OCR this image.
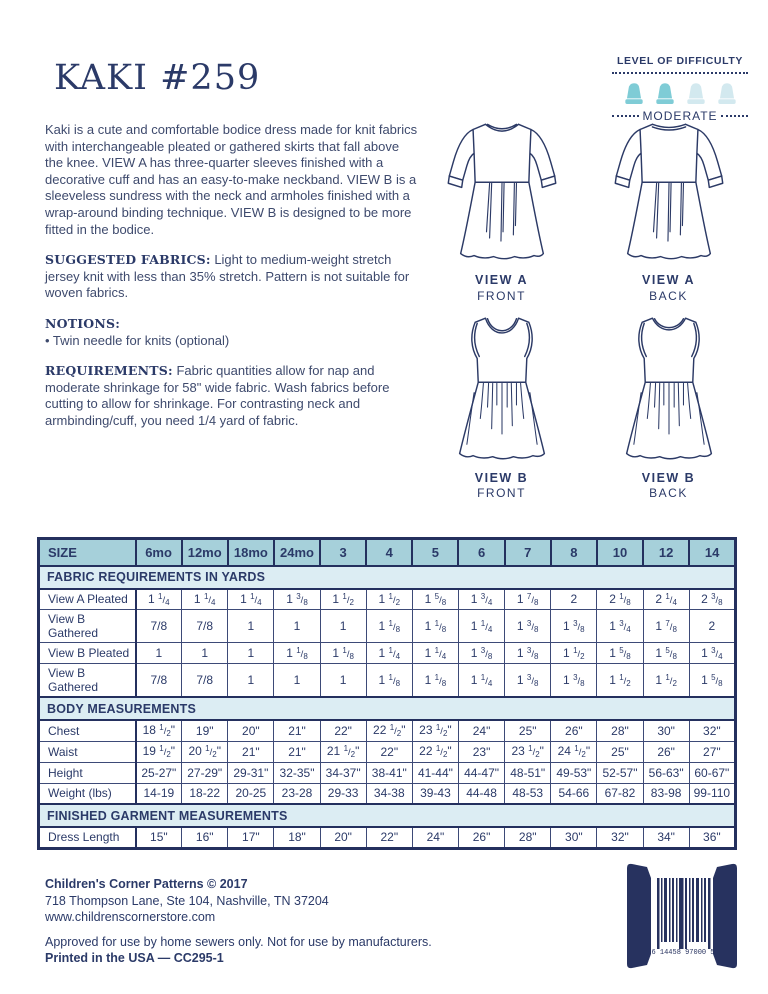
KAKI #259	LEVEL OF DIFFICULTY
MODERATE

Kaki is a cute and comfortable bodice dress made for knit fabrics with interchangeable pleated or gathered skirts that fall above the knee. VIEW A has three-quarter sleeves finished with a decorative cuff and has an easy-to-make neckband. VIEW B is a sleeveless sundress with the neck and armholes finished with a wrap-around binding technique. VIEW B is designed to be more fitted in the bodice.

SUGGESTED FABRICS: Light to medium-weight stretch jersey knit with less than 35% stretch. Pattern is not suitable for woven fabrics.

NOTIONS:
• Twin needle for knits (optional)

REQUIREMENTS: Fabric quantities allow for nap and moderate shrinkage for 58" wide fabric. Wash fabrics before cutting to allow for shrinkage. For contrasting neck and armbinding/cuff, you need 1/4 yard of fabric.

VIEW A
FRONT
VIEW A
BACK
VIEW B
FRONT
VIEW B
BACK
SIZE	6mo	12mo	18mo	24mo	3	4	5	6	7	8	10	12	14
FABRIC REQUIREMENTS IN YARDS													
View A Pleated	1 $^1/_4$	1 $^1/_4$	1 $^1/_4$	1 $^3/_8$	1 $^1/_2$	1 $^1/_2$	1 $^5/_8$	1 $^3/_4$	1 $^7/_8$	2	2 $^1/_8$	2 $^1/_4$	2 $^3/_8$
View B Gathered	7/8	7/8	1	1	1	1 $^1/_8$	1 $^1/_8$	1 $^1/_4$	1 $^3/_8$	1 $^3/_8$	1 $^3/_4$	1 $^7/_8$	2
View B Pleated	1	1	1	1 $^1/_8$	1 $^1/_8$	1 $^1/_4$	1 $^1/_4$	1 $^3/_8$	1 $^3/_8$	1 $^1/_2$	1 $^5/_8$	1 $^5/_8$	1 $^3/_4$
View B Gathered	7/8	7/8	1	1	1	1 $^1/_8$	1 $^1/_8$	1 $^1/_4$	1 $^3/_8$	1 $^3/_8$	1 $^1/_2$	1 $^1/_2$	1 $^5/_8$
BODY MEASUREMENTS													
Chest	18 $^1/_2$"	19"	20"	21"	22"	22 $^1/_2$"	23 $^1/_2$"	24"	25"	26"	28"	30"	32"
Waist	19 $^1/_2$"	20 $^1/_2$"	21"	21"	21 $^1/_2$"	22"	22 $^1/_2$"	23"	23 $^1/_2$"	24 $^1/_2$"	25"	26"	27"
Height	25-27"	27-29"	29-31"	32-35"	34-37"	38-41"	41-44"	44-47"	48-51"	49-53"	52-57"	56-63"	60-67"
Weight (lbs)	14-19	18-22	20-25	23-28	29-33	34-38	39-43	44-48	48-53	54-66	67-82	83-98	99-110
FINISHED GARMENT MEASUREMENTS													
Dress Length	15"	16"	17"	18"	20"	22"	24"	26"	28"	30"	32"	34"	36"
Children's Corner Patterns © 2017
718 Thompson Lane, Ste 104, Nashville, TN 37204
www.childrenscornerstore.com
Approved for use by home sewers only. Not for use by manufacturers.
Printed in the USA — CC295-1	6 14458 97000 5
